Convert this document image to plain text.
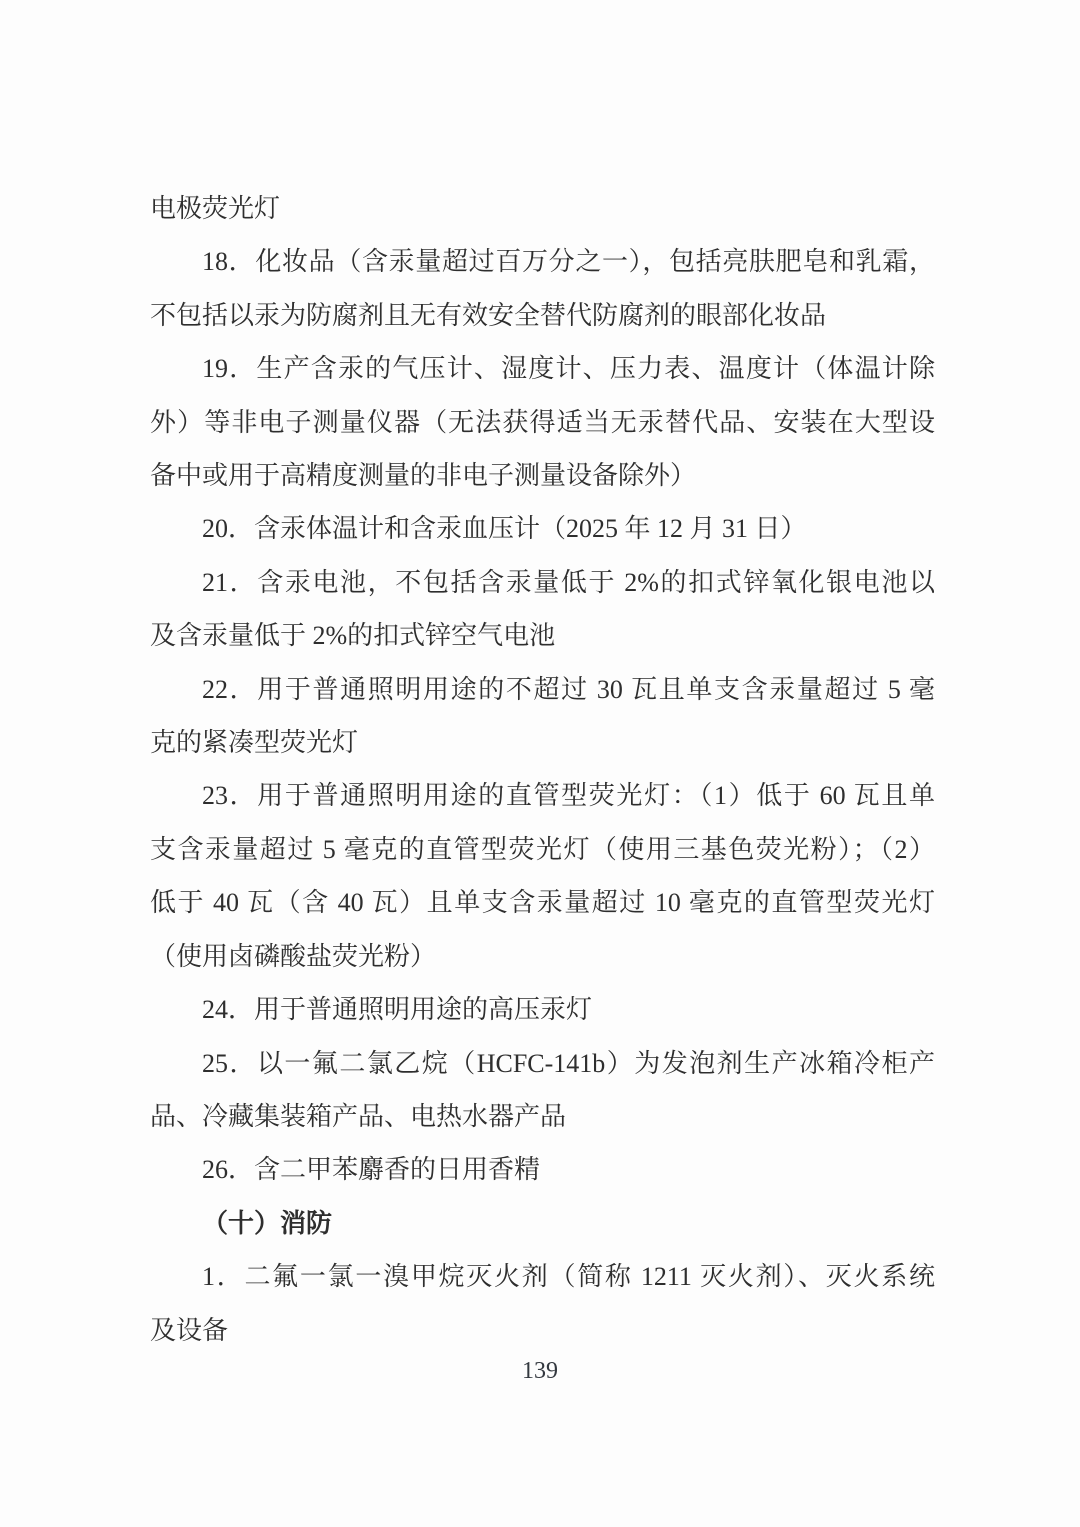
电极荧光灯
18．化妆品（含汞量超过百万分之一），包括亮肤肥皂和乳霜，
不包括以汞为防腐剂且无有效安全替代防腐剂的眼部化妆品
19．生产含汞的气压计、湿度计、压力表、温度计（体温计除
外）等非电子测量仪器（无法获得适当无汞替代品、安装在大型设
备中或用于高精度测量的非电子测量设备除外）
20．含汞体温计和含汞血压计（2025 年 12 月 31 日）
21．含汞电池，不包括含汞量低于 2%的扣式锌氧化银电池以
及含汞量低于 2%的扣式锌空气电池
22．用于普通照明用途的不超过 30 瓦且单支含汞量超过 5 毫
克的紧凑型荧光灯
23．用于普通照明用途的直管型荧光灯：（1）低于 60 瓦且单
支含汞量超过 5 毫克的直管型荧光灯（使用三基色荧光粉）；（2）
低于 40 瓦（含 40 瓦）且单支含汞量超过 10 毫克的直管型荧光灯
（使用卤磷酸盐荧光粉）
24．用于普通照明用途的高压汞灯
25．以一氟二氯乙烷（HCFC-141b）为发泡剂生产冰箱冷柜产
品、冷藏集装箱产品、电热水器产品
26．含二甲苯麝香的日用香精
（十）消防
1．二氟一氯一溴甲烷灭火剂（简称 1211 灭火剂）、灭火系统
及设备
139
